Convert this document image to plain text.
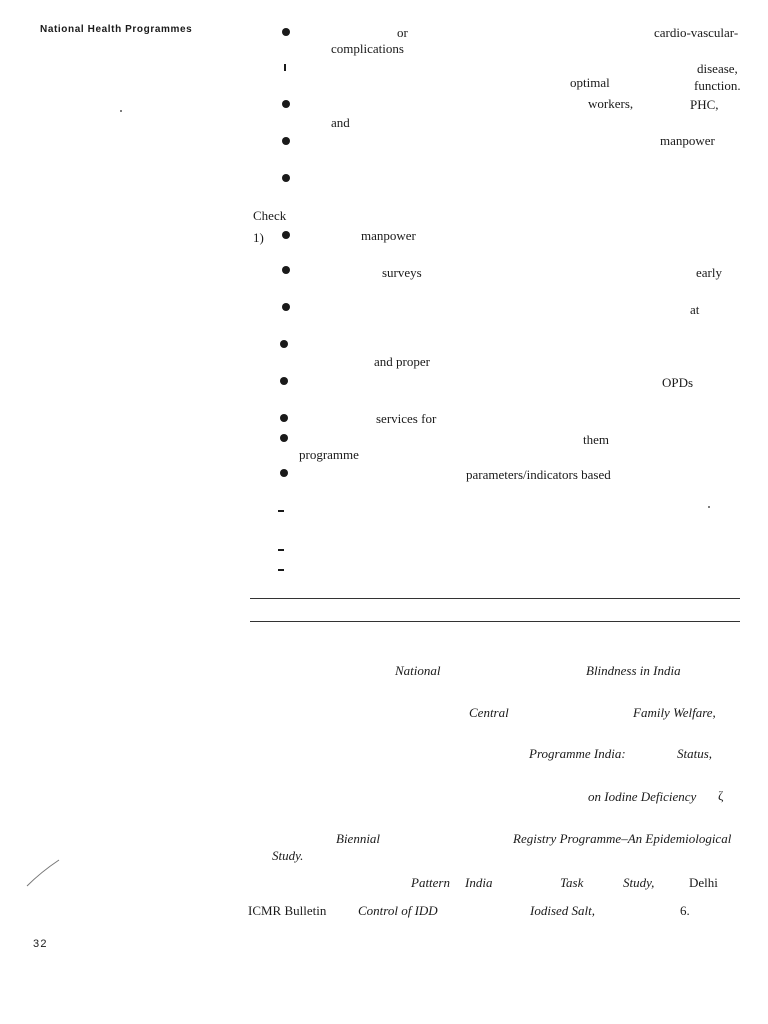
National Health Programmes	or	cardio-vascular-
complications
disease,
optimal	function.
workers,	PHC,
and
manpower
Check
1)	manpower
surveys	early
at
and proper
OPDs
services for
them
programme
parameters/indicators based
National	Blindness in India
Central	Family Welfare,
Programme India:	Status,
on Iodine Deficiency ζ
Biennial	Registry Programme–An Epidemiological
Study.
Pattern India	Task	Study,	Delhi
ICMR Bulletin Control of IDD	Iodised Salt,	6.
32
